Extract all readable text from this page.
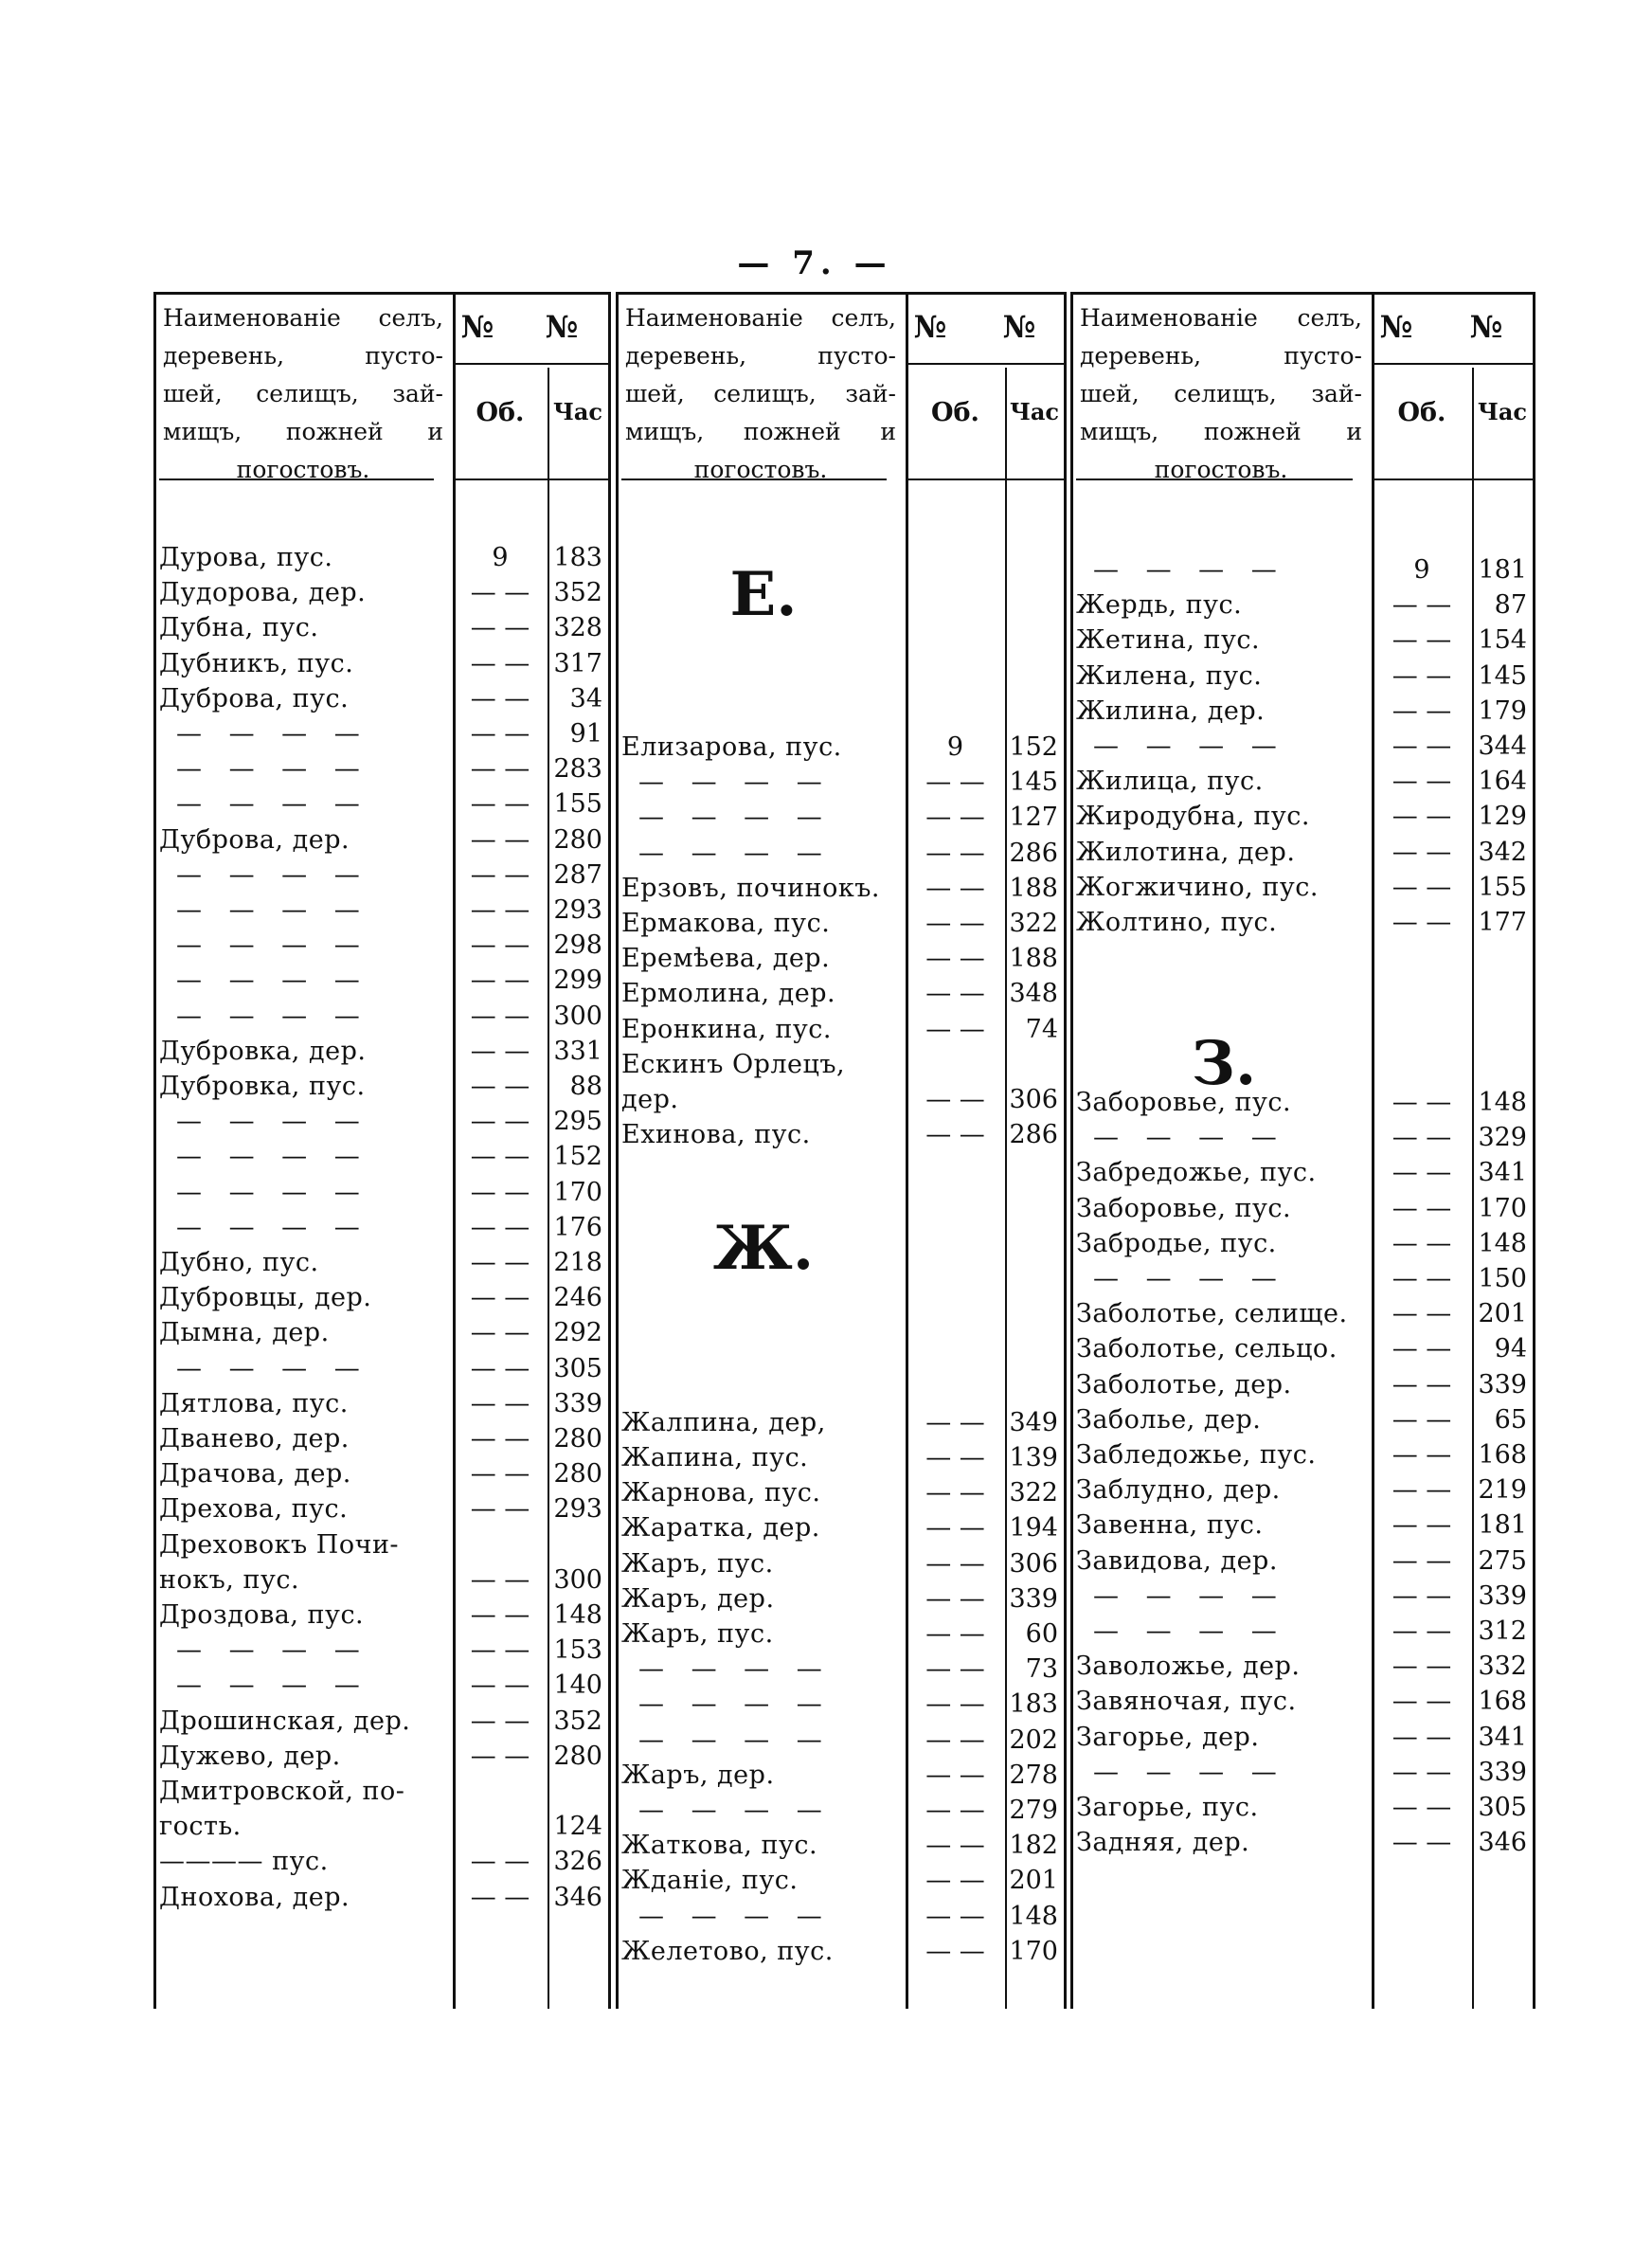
— 7. —
Наименованіе селъ,
деревень, пусто-
шей, селищъ, зай-
мищъ, пожней и
погостовъ.
№ №
Об.	Час
Дурова, пус.	9	183
Дудорова, дер.	— — 352
Дубна, пус.	— — 328
Дубникъ, пус.	— — 317
Дуброва, пус.	— —	34
— — — —	— —	91
— — — —	— — 283
— — — —	— — 155
Дуброва, дер.	— — 280
— — — —	— — 287
— — — —	— — 293
— — — —	— — 298
— — — —	— — 299
— — — —	— — 300
Дубровка, дер.	— — 331
Дубровка, пус.	— —	88
— — — —	— — 295
— — — —	— — 152
— — — —	— — 170
— — — —	— — 176
Дубно, пус.	— — 218
Дубровцы, дер.	— — 246
Дымна, дер.	— — 292
— — — —	— — 305
Дятлова, пус.	— — 339
Дванево, дер.	— — 280
Драчова, дер.	— — 280
Дрехова, пус.	— — 293
Дреховокъ Почи-
нокъ, пус.	— — 300
Дроздова, пус.	— — 148
— — — —	— — 153
— — — —	— — 140
Дрошинская, дер.	— — 352
Дужево, дер.	— — 280
Дмитровской, по-
гость.	124
———— пус.	— — 326
Днохова, дер.	— — 346
Наименованіе селъ,
деревень, пусто-
шей, селищъ, зай-
мищъ, пожней и
погостовъ.
№ №
Об.	Час
Е.
Ж.
Елизарова, пус.	9	152
— — — —	— — 145
— — — —	— — 127
— — — —	— — 286
Ерзовъ, починокъ.	— — 188
Ермакова, пус.	— — 322
Еремѣева, дер.	— — 188
Ермолина, дер.	— — 348
Еронкина, пус.	— —	74
Ескинъ Орлецъ,
дер.	— — 306
Ехинова, пус.	— — 286
Жалпина, дер,	— — 349
Жапина, пус.	— — 139
Жарнова, пус.	— — 322
Жаратка, дер.	— — 194
Жаръ, пус.	— — 306
Жаръ, дер.	— — 339
Жаръ, пус.	— —	60
— — — —	— —	73
— — — —	— — 183
— — — —	— — 202
Жаръ, дер.	— — 278
— — — —	— — 279
Жаткова, пус.	— — 182
Жданіе, пус.	— — 201
— — — —	— — 148
Желетово, пус.	— — 170
Наименованіе селъ,
деревень, пусто-
шей, селищъ, зай-
мищъ, пожней и
погостовъ.
№ №
Об.	Час
З.
— — — —	9	181
Жердь, пус.	— —	87
Жетина, пус.	— —	154
Жилена, пус.	— —	145
Жилина, дер.	— —	179
— — — —	— —	344
Жилица, пус.	— —	164
Жиродубна, пус.	— —	129
Жилотина, дер.	— —	342
Жогжичино, пус.	— —	155
Жолтино, пус.	— —	177
Заборовье, пус.	— —	148
— — — —	— —	329
Забредожье, пус.	— —	341
Заборовье, пус.	— —	170
Забродье, пус.	— —	148
— — — —	— —	150
Заболотье, селище.	— —	201
Заболотье, сельцо.	— —	94
Заболотье, дер.	— —	339
Заболье, дер.	— —	65
Забледожье, пус.	— —	168
Заблудно, дер.	— —	219
Завенна, пус.	— —	181
Завидова, дер.	— —	275
— — — —	— —	339
— — — —	— —	312
Заволожье, дер.	— —	332
Завяночая, пус.	— —	168
Загорье, дер.	— —	341
— — — —	— —	339
Загорье, пус.	— —	305
Задняя, дер.	— —	346
